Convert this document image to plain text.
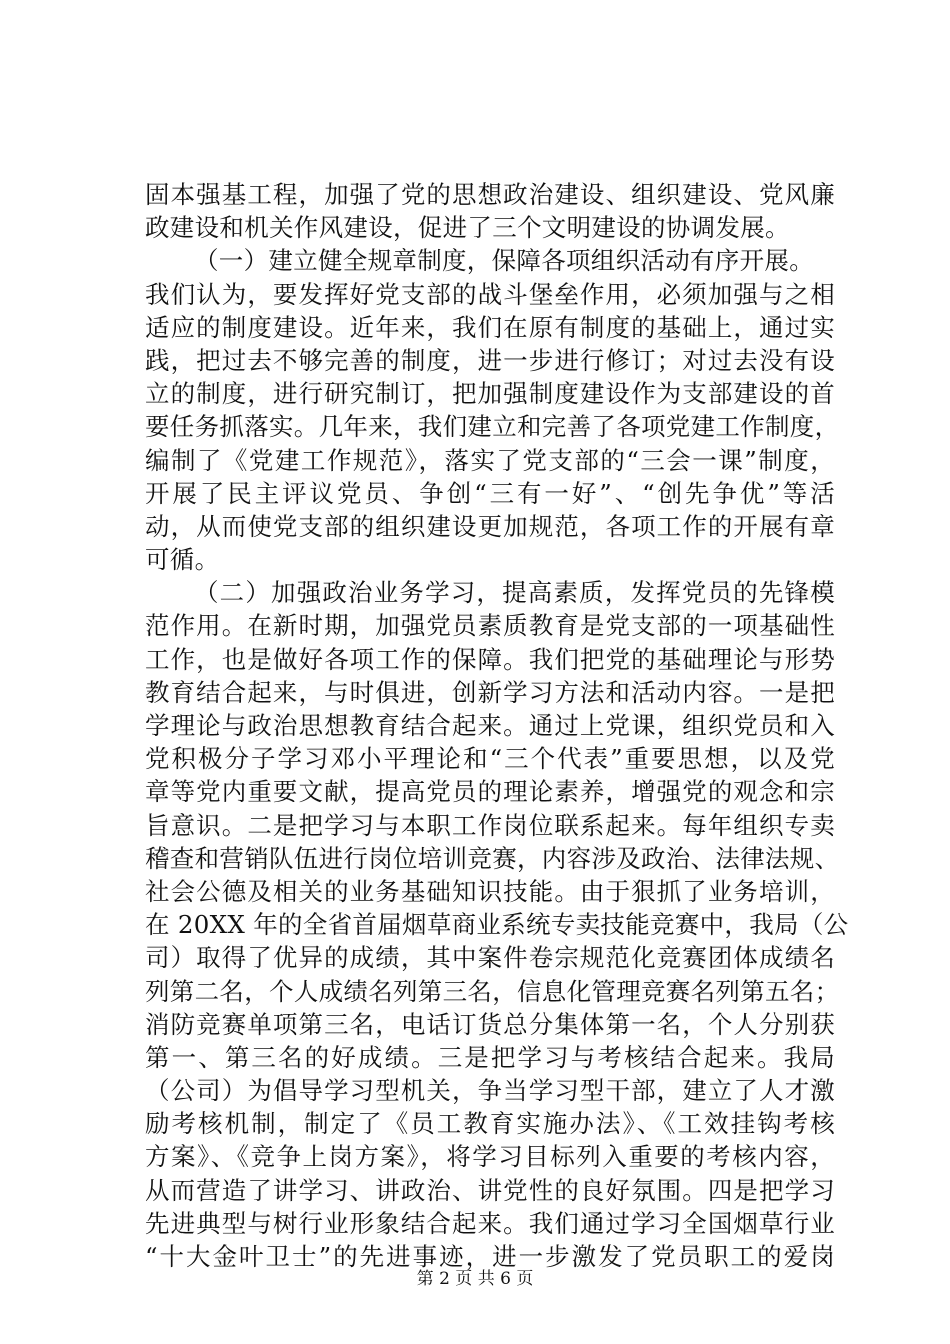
固本强基工程，加强了党的思想政治建设、组织建设、党风廉
政建设和机关作风建设，促进了三个文明建设的协调发展。
（一）建立健全规章制度，保障各项组织活动有序开展。
我们认为，要发挥好党支部的战斗堡垒作用，必须加强与之相
适应的制度建设。近年来，我们在原有制度的基础上，通过实
践，把过去不够完善的制度，进一步进行修订；对过去没有设
立的制度，进行研究制订，把加强制度建设作为支部建设的首
要任务抓落实。几年来，我们建立和完善了各项党建工作制度，
编制了《党建工作规范》，落实了党支部的“三会一课”制度，
开展了民主评议党员、争创“三有一好”、“创先争优”等活
动，从而使党支部的组织建设更加规范，各项工作的开展有章
可循。
（二）加强政治业务学习，提高素质，发挥党员的先锋模
范作用。在新时期，加强党员素质教育是党支部的一项基础性
工作，也是做好各项工作的保障。我们把党的基础理论与形势
教育结合起来，与时俱进，创新学习方法和活动内容。一是把
学理论与政治思想教育结合起来。通过上党课，组织党员和入
党积极分子学习邓小平理论和“三个代表”重要思想，以及党
章等党内重要文献，提高党员的理论素养，增强党的观念和宗
旨意识。二是把学习与本职工作岗位联系起来。每年组织专卖
稽查和营销队伍进行岗位培训竞赛，内容涉及政治、法律法规、
社会公德及相关的业务基础知识技能。由于狠抓了业务培训，
在 20XX 年的全省首届烟草商业系统专卖技能竞赛中，我局（公
司）取得了优异的成绩，其中案件卷宗规范化竞赛团体成绩名
列第二名，个人成绩名列第三名，信息化管理竞赛名列第五名；
消防竞赛单项第三名，电话订货总分集体第一名，个人分别获
第一、第三名的好成绩。三是把学习与考核结合起来。我局
（公司）为倡导学习型机关，争当学习型干部，建立了人才激
励考核机制，制定了《员工教育实施办法》、《工效挂钩考核
方案》、《竞争上岗方案》，将学习目标列入重要的考核内容，
从而营造了讲学习、讲政治、讲党性的良好氛围。四是把学习
先进典型与树行业形象结合起来。我们通过学习全国烟草行业
“十大金叶卫士”的先进事迹，进一步激发了党员职工的爱岗
第 2 页 共 6 页
